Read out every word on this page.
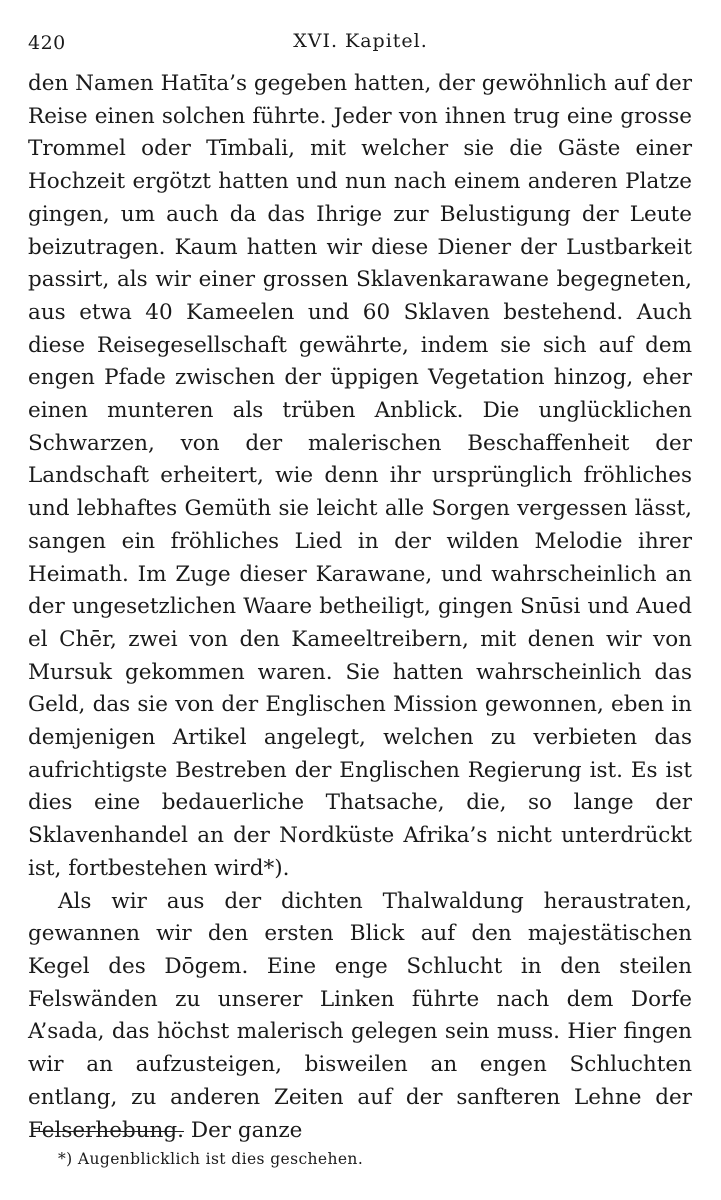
420	XVI. Kapitel.

den Namen Hatīta’s gegeben hatten, der gewöhnlich auf der Reise einen solchen führte. Jeder von ihnen trug eine grosse Trommel oder Tīmbali, mit welcher sie die Gäste einer Hochzeit ergötzt hatten und nun nach einem anderen Platze gingen, um auch da das Ihrige zur Belustigung der Leute beizutragen. Kaum hatten wir diese Diener der Lustbarkeit passirt, als wir einer grossen Sklavenkarawane begegneten, aus etwa 40 Kameelen und 60 Sklaven bestehend. Auch diese Reisegesellschaft gewährte, indem sie sich auf dem engen Pfade zwischen der üppigen Vegetation hinzog, eher einen munteren als trüben Anblick. Die unglücklichen Schwarzen, von der malerischen Beschaffenheit der Landschaft erheitert, wie denn ihr ursprünglich fröhliches und lebhaftes Gemüth sie leicht alle Sorgen vergessen lässt, sangen ein fröhliches Lied in der wilden Melodie ihrer Heimath. Im Zuge dieser Karawane, und wahrscheinlich an der ungesetzlichen Waare betheiligt, gingen Snūsi und Aued el Chēr, zwei von den Kameeltreibern, mit denen wir von Mursuk gekommen waren. Sie hatten wahrscheinlich das Geld, das sie von der Englischen Mission gewonnen, eben in demjenigen Artikel angelegt, welchen zu verbieten das aufrichtigste Bestreben der Englischen Regierung ist. Es ist dies eine bedauerliche Thatsache, die, so lange der Sklavenhandel an der Nordküste Afrika’s nicht unterdrückt ist, fortbestehen wird*).

Als wir aus der dichten Thalwaldung heraustraten, gewannen wir den ersten Blick auf den majestätischen Kegel des Dōgem. Eine enge Schlucht in den steilen Felswänden zu unserer Linken führte nach dem Dorfe A’sada, das höchst malerisch gelegen sein muss. Hier fingen wir an aufzusteigen, bisweilen an engen Schluchten entlang, zu anderen Zeiten auf der sanfteren Lehne der Felserhebung. Der ganze

*) Augenblicklich ist dies geschehen.
